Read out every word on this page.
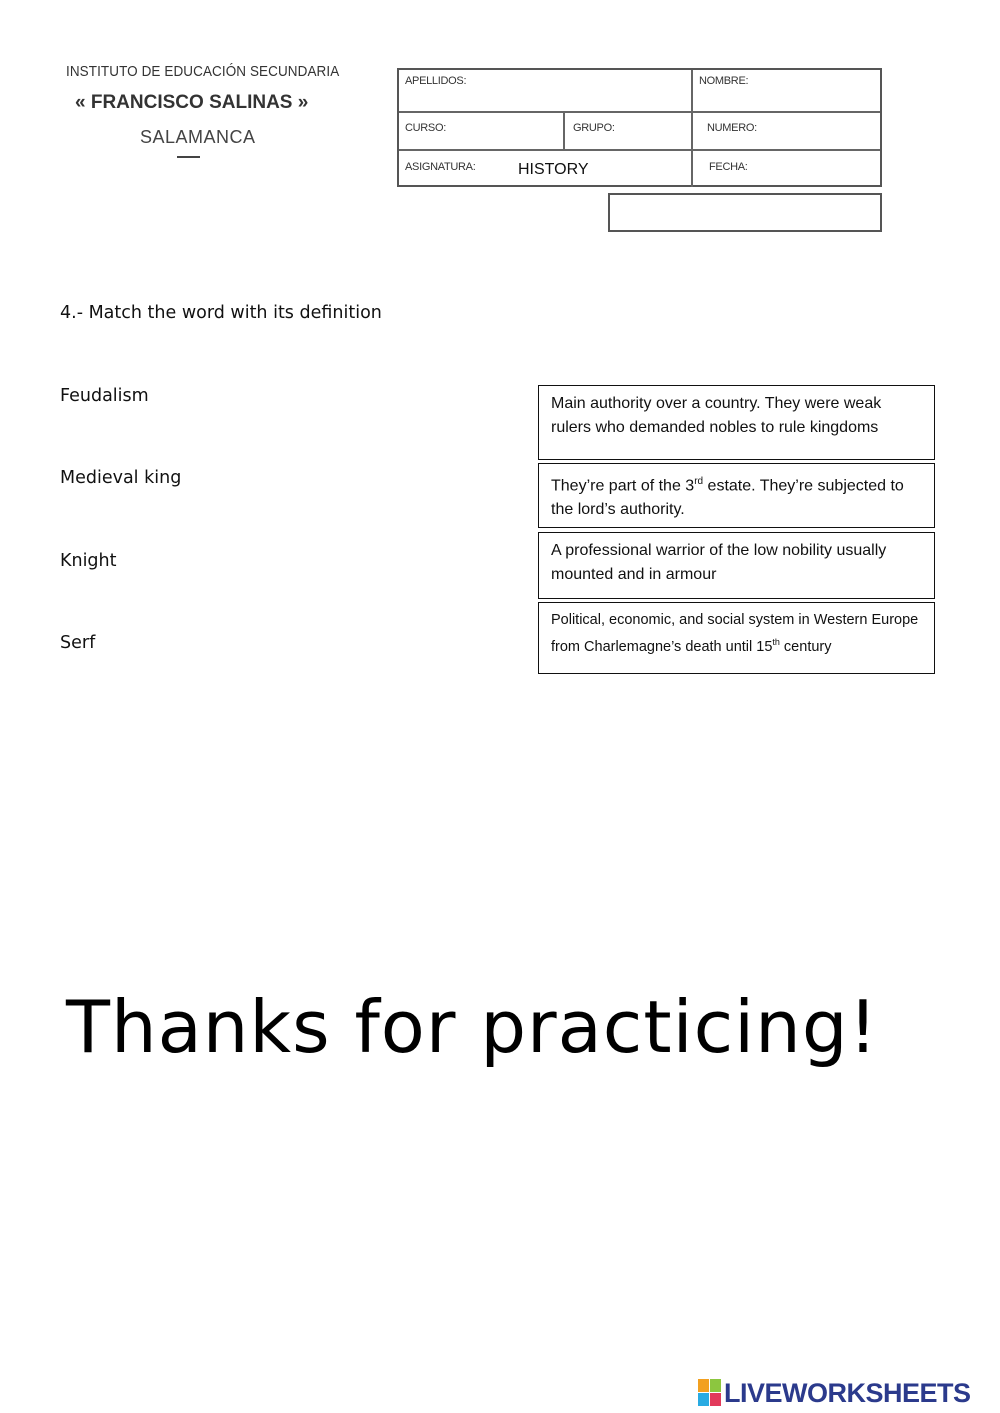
INSTITUTO DE EDUCACIÓN SECUNDARIA
« FRANCISCO SALINAS »
SALAMANCA
APELLIDOS:	NOMBRE:
CURSO:	GRUPO:	NUMERO:
ASIGNATURA:	HISTORY	FECHA:
4.- Match the word with its definition
Feudalism
Medieval king
Knight
Serf
Main authority over a country. They were weak rulers who demanded nobles to rule kingdoms
They’re part of the 3rd estate. They’re subjected to the lord’s authority.
A professional warrior of the low nobility usually mounted and in armour
Political, economic, and social system in Western Europe from Charlemagne’s death until 15th century
Thanks for practicing!
LIVEWORKSHEETS
